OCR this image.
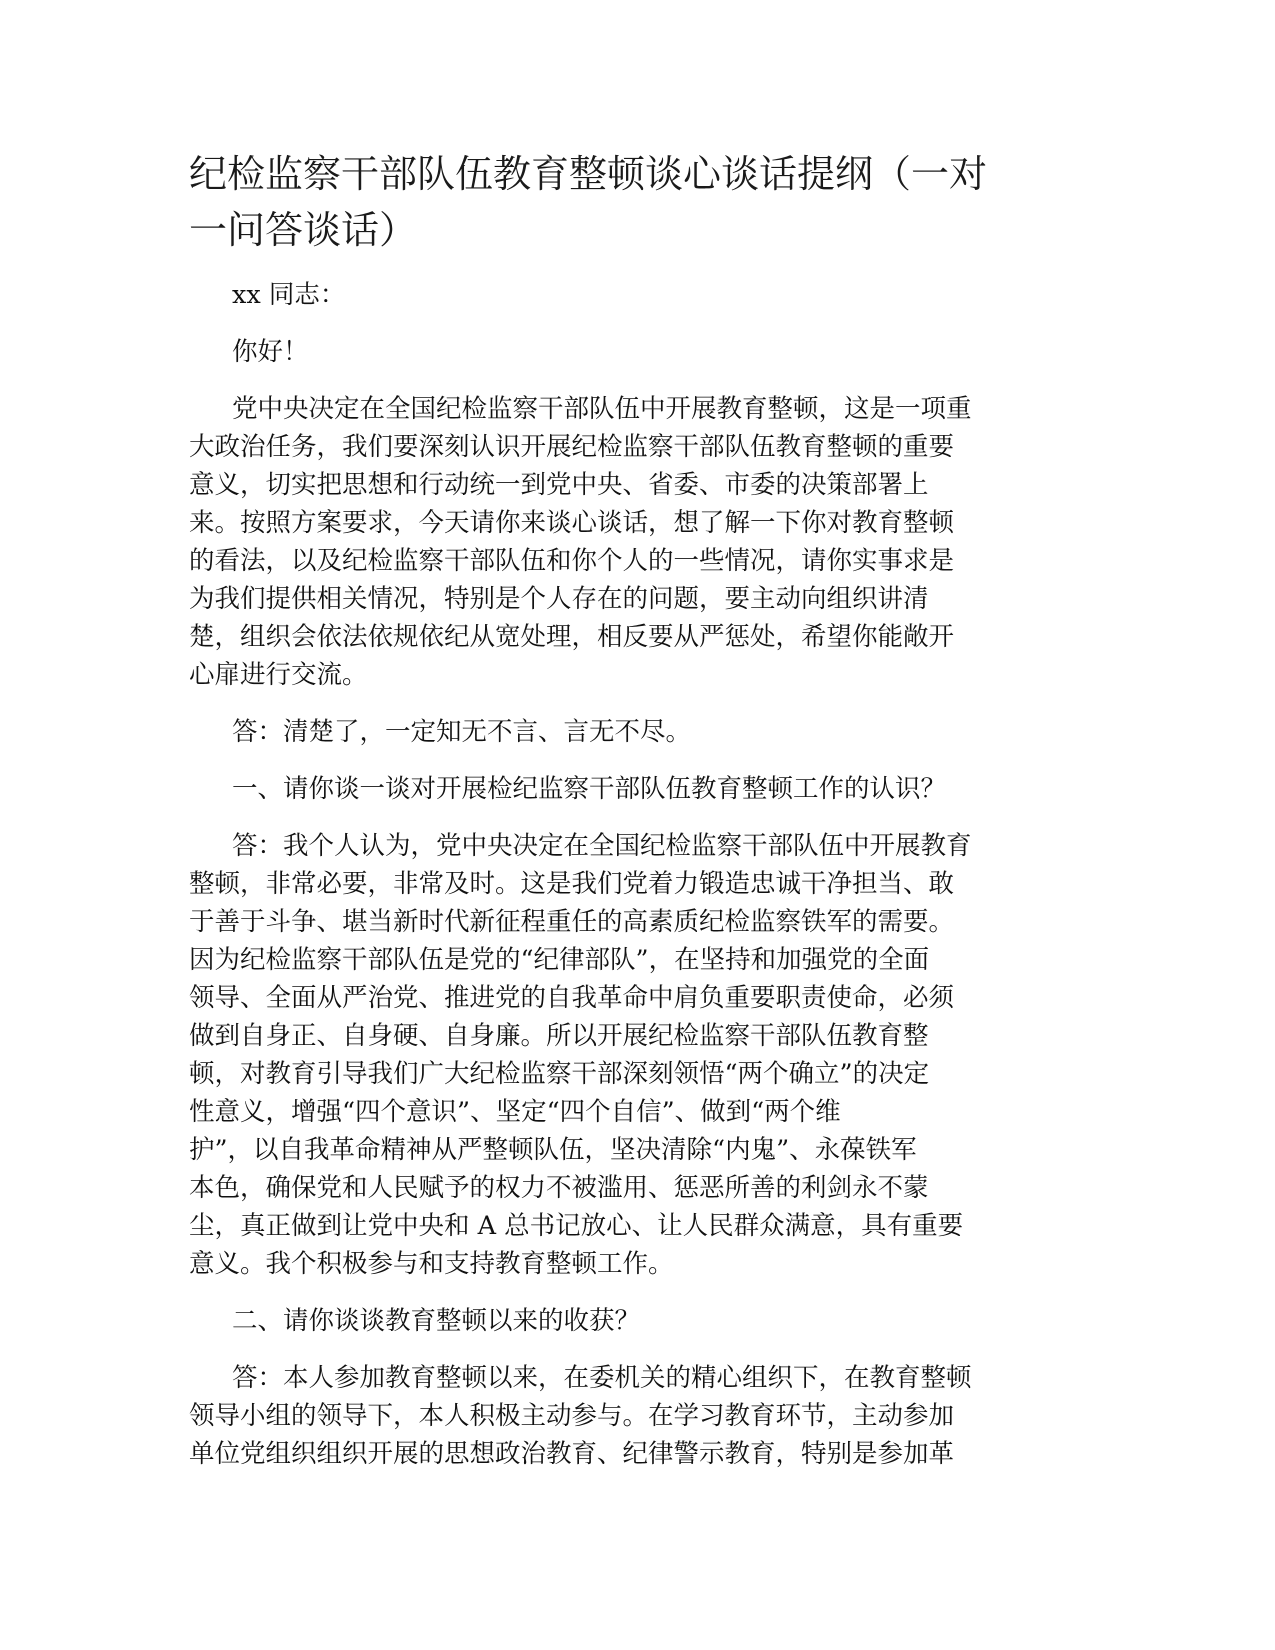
纪检监察干部队伍教育整顿谈心谈话提纲（一对
一问答谈话）

xx 同志：

你好！

党中央决定在全国纪检监察干部队伍中开展教育整顿，这是一项重
大政治任务，我们要深刻认识开展纪检监察干部队伍教育整顿的重要
意义，切实把思想和行动统一到党中央、省委、市委的决策部署上
来。按照方案要求，今天请你来谈心谈话，想了解一下你对教育整顿
的看法，以及纪检监察干部队伍和你个人的一些情况，请你实事求是
为我们提供相关情况，特别是个人存在的问题，要主动向组织讲清
楚，组织会依法依规依纪从宽处理，相反要从严惩处，希望你能敞开
心扉进行交流。

答：清楚了，一定知无不言、言无不尽。

一、请你谈一谈对开展检纪监察干部队伍教育整顿工作的认识？

答：我个人认为，党中央决定在全国纪检监察干部队伍中开展教育
整顿，非常必要，非常及时。这是我们党着力锻造忠诚干净担当、敢
于善于斗争、堪当新时代新征程重任的高素质纪检监察铁军的需要。
因为纪检监察干部队伍是党的“纪律部队”，在坚持和加强党的全面
领导、全面从严治党、推进党的自我革命中肩负重要职责使命，必须
做到自身正、自身硬、自身廉。所以开展纪检监察干部队伍教育整
顿，对教育引导我们广大纪检监察干部深刻领悟“两个确立”的决定
性意义，增强“四个意识”、坚定“四个自信”、做到“两个维
护”，以自我革命精神从严整顿队伍，坚决清除“内鬼”、永葆铁军
本色，确保党和人民赋予的权力不被滥用、惩恶所善的利剑永不蒙
尘，真正做到让党中央和 A 总书记放心、让人民群众满意，具有重要
意义。我个积极参与和支持教育整顿工作。

二、请你谈谈教育整顿以来的收获？

答：本人参加教育整顿以来，在委机关的精心组织下，在教育整顿
领导小组的领导下，本人积极主动参与。在学习教育环节，主动参加
单位党组织组织开展的思想政治教育、纪律警示教育，特别是参加革
